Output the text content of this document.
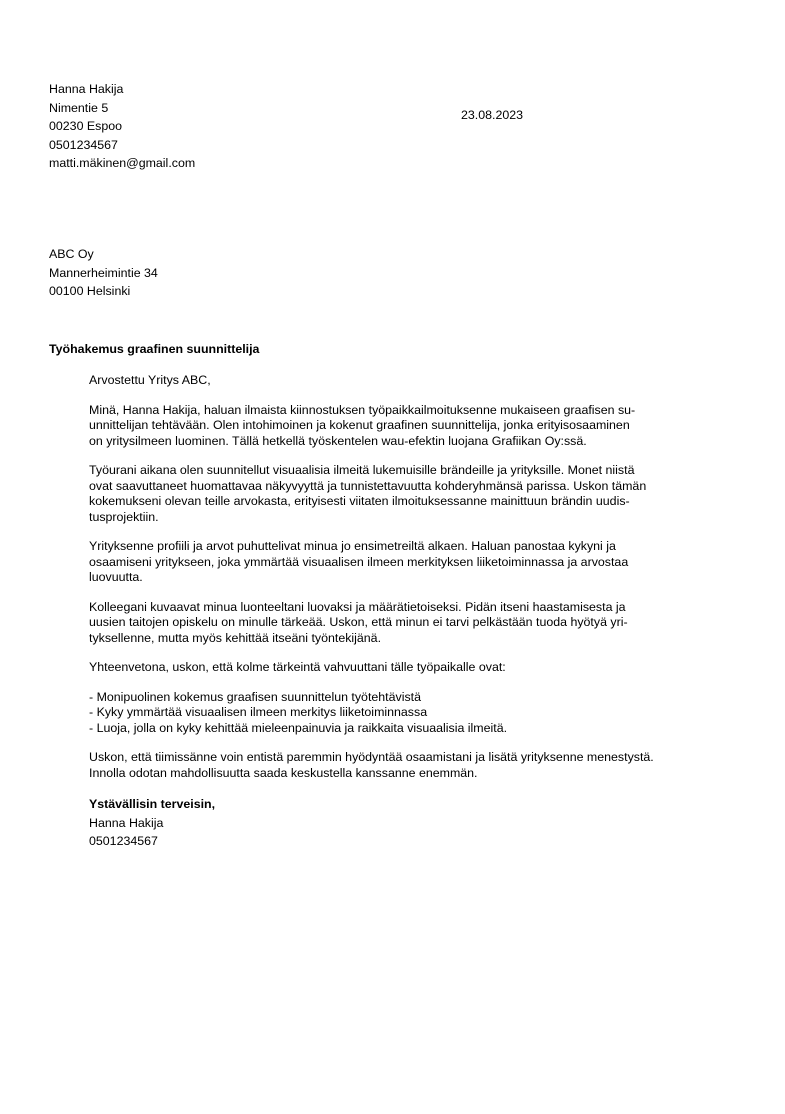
Hanna Hakija
Nimentie 5
00230 Espoo
0501234567
matti.mäkinen@gmail.com
23.08.2023
ABC Oy
Mannerheimintie 34
00100 Helsinki
Työhakemus graafinen suunnittelija
Arvostettu Yritys ABC,
Minä, Hanna Hakija, haluan ilmaista kiinnostuksen työpaikkailmoituksenne mukaiseen graafisen su-
unnittelijan tehtävään. Olen intohimoinen ja kokenut graafinen suunnittelija, jonka erityisosaaminen
on yritysilmeen luominen. Tällä hetkellä työskentelen wau-efektin luojana Grafiikan Oy:ssä.
Työurani aikana olen suunnitellut visuaalisia ilmeitä lukemuisille brändeille ja yrityksille. Monet niistä
ovat saavuttaneet huomattavaa näkyvyyttä ja tunnistettavuutta kohderyhmänsä parissa. Uskon tämän
kokemukseni olevan teille arvokasta, erityisesti viitaten ilmoituksessanne mainittuun brändin uudis-
tusprojektiin.
Yrityksenne profiili ja arvot puhuttelivat minua jo ensimetreiltä alkaen. Haluan panostaa kykyni ja
osaamiseni yritykseen, joka ymmärtää visuaalisen ilmeen merkityksen liiketoiminnassa ja arvostaa
luovuutta.
Kolleegani kuvaavat minua luonteeltani luovaksi ja määrätietoiseksi. Pidän itseni haastamisesta ja
uusien taitojen opiskelu on minulle tärkeää. Uskon, että minun ei tarvi pelkästään tuoda hyötyä yri-
tyksellenne, mutta myös kehittää itseäni työntekijänä.
Yhteenvetona, uskon, että kolme tärkeintä vahvuuttani tälle työpaikalle ovat:
- Monipuolinen kokemus graafisen suunnittelun työtehtävistä
- Kyky ymmärtää visuaalisen ilmeen merkitys liiketoiminnassa
- Luoja, jolla on kyky kehittää mieleenpainuvia ja raikkaita visuaalisia ilmeitä.
Uskon, että tiimissänne voin entistä paremmin hyödyntää osaamistani ja lisätä yrityksenne menestystä.
Innolla odotan mahdollisuutta saada keskustella kanssanne enemmän.
Ystävällisin terveisin,
Hanna Hakija
0501234567
